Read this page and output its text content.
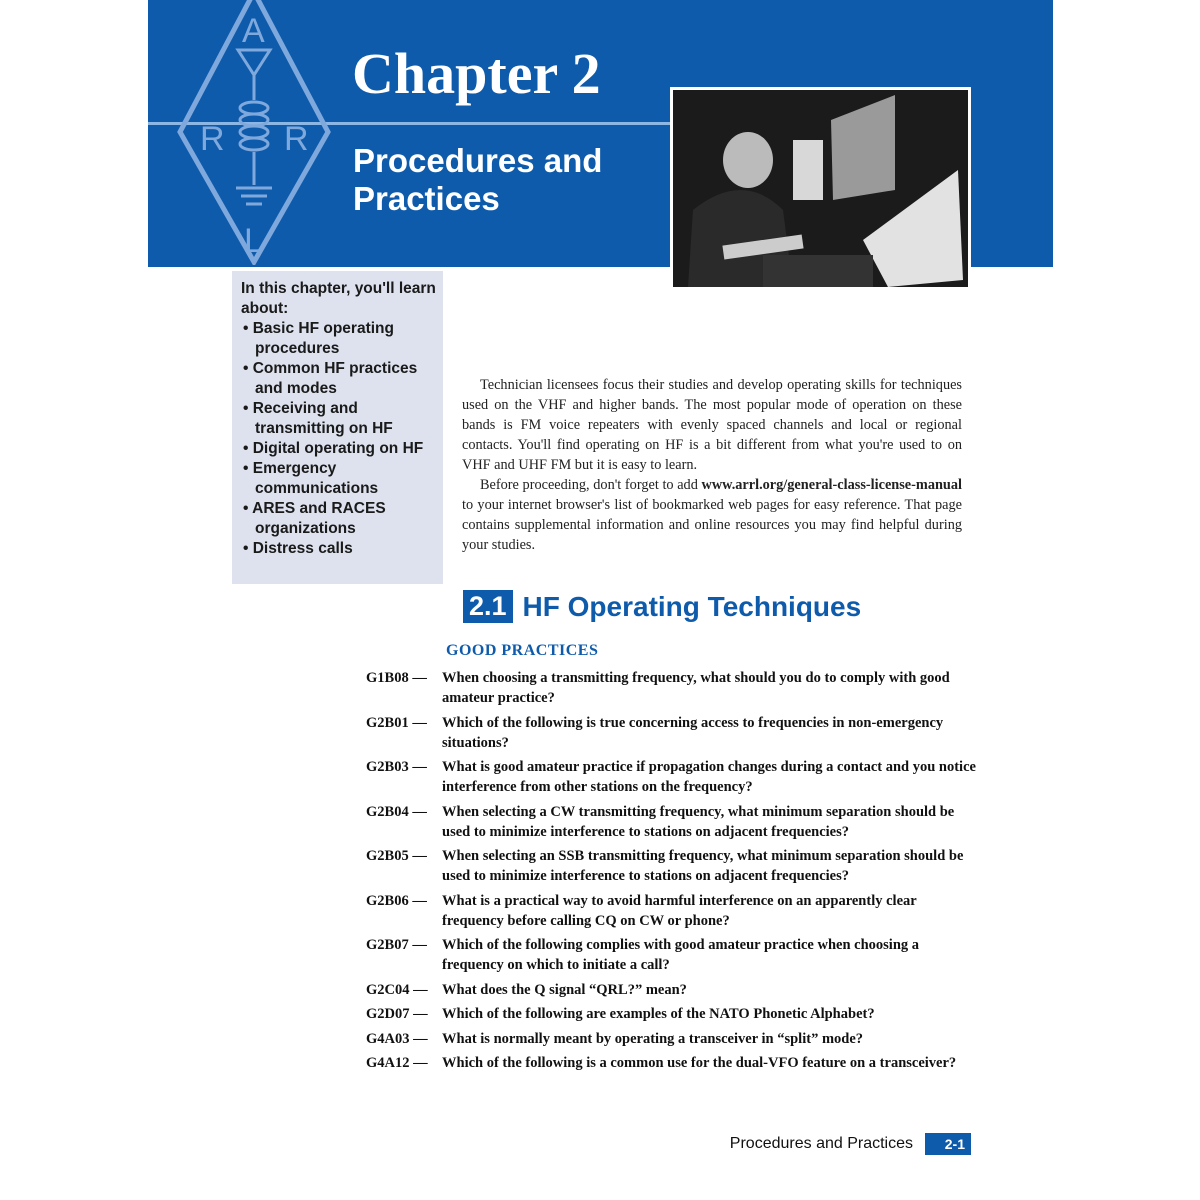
A
R R
L
Chapter 2
Procedures and
Practices
In this chapter, you'll learn about:
• Basic HF operating procedures
• Common HF practices and modes
• Receiving and transmitting on HF
• Digital operating on HF
• Emergency communications
• ARES and RACES organizations
• Distress calls

Technician licensees focus their studies and develop operating skills for techniques used on the VHF and higher bands. The most popular mode of operation on these bands is FM voice repeaters with evenly spaced channels and local or regional contacts. You'll find operating on HF is a bit different from what you're used to on VHF and UHF FM but it is easy to learn.

Before proceeding, don't forget to add www.arrl.org/general-class-license-manual to your internet browser's list of bookmarked web pages for easy reference. That page contains supplemental information and online resources you may find helpful during your studies.

2.1 HF Operating Techniques
GOOD PRACTICES
G1B08 —	When choosing a transmitting frequency, what should you do to comply with good amateur practice?
G2B01 —	Which of the following is true concerning access to frequencies in non-emergency situations?
G2B03 —	What is good amateur practice if propagation changes during a contact and you notice interference from other stations on the frequency?
G2B04 —	When selecting a CW transmitting frequency, what minimum separation should be used to minimize interference to stations on adjacent frequencies?
G2B05 —	When selecting an SSB transmitting frequency, what minimum separation should be used to minimize interference to stations on adjacent frequencies?
G2B06 —	What is a practical way to avoid harmful interference on an apparently clear frequency before calling CQ on CW or phone?
G2B07 —	Which of the following complies with good amateur practice when choosing a frequency on which to initiate a call?
G2C04 — What does the Q signal “QRL?” mean?
G2D07 — Which of the following are examples of the NATO Phonetic Alphabet?
G4A03 — What is normally meant by operating a transceiver in “split” mode?
G4A12 — Which of the following is a common use for the dual-VFO feature on a transceiver?
Procedures and Practices	2-1
